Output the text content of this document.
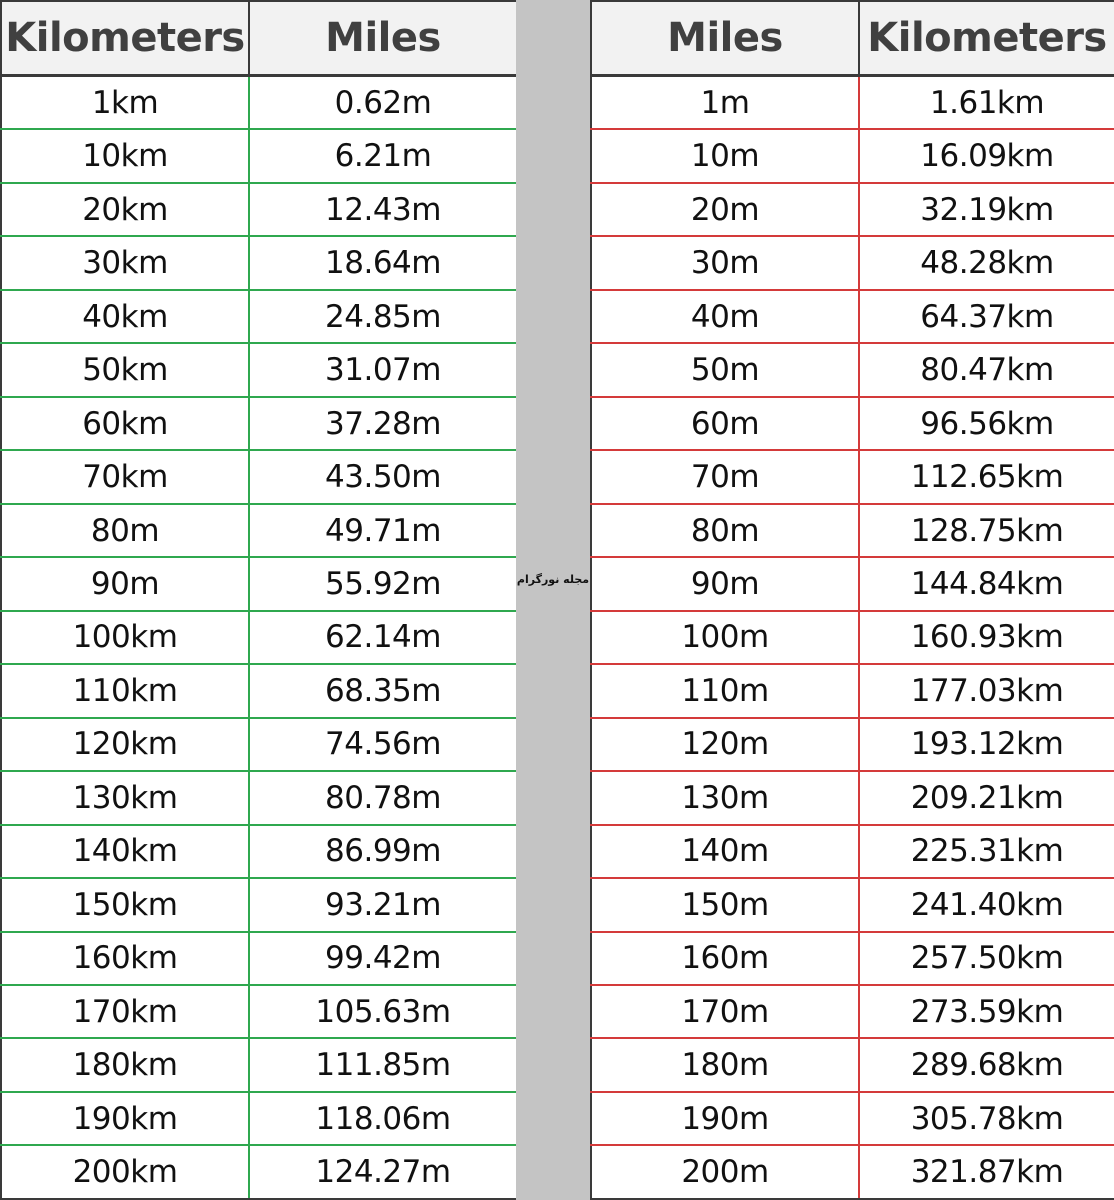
Kilometers	Miles
1km	0.62m
10km	6.21m
20km	12.43m
30km	18.64m
40km	24.85m
50km	31.07m
60km	37.28m
70km	43.50m
80m	49.71m
90m	55.92m
100km	62.14m
110km	68.35m
120km	74.56m
130km	80.78m
140km	86.99m
150km	93.21m
160km	99.42m
170km	105.63m
180km	111.85m
190km	118.06m
200km	124.27m
مجله نورگرام
Miles	Kilometers
1m	1.61km
10m	16.09km
20m	32.19km
30m	48.28km
40m	64.37km
50m	80.47km
60m	96.56km
70m	112.65km
80m	128.75km
90m	144.84km
100m	160.93km
110m	177.03km
120m	193.12km
130m	209.21km
140m	225.31km
150m	241.40km
160m	257.50km
170m	273.59km
180m	289.68km
190m	305.78km
200m	321.87km
